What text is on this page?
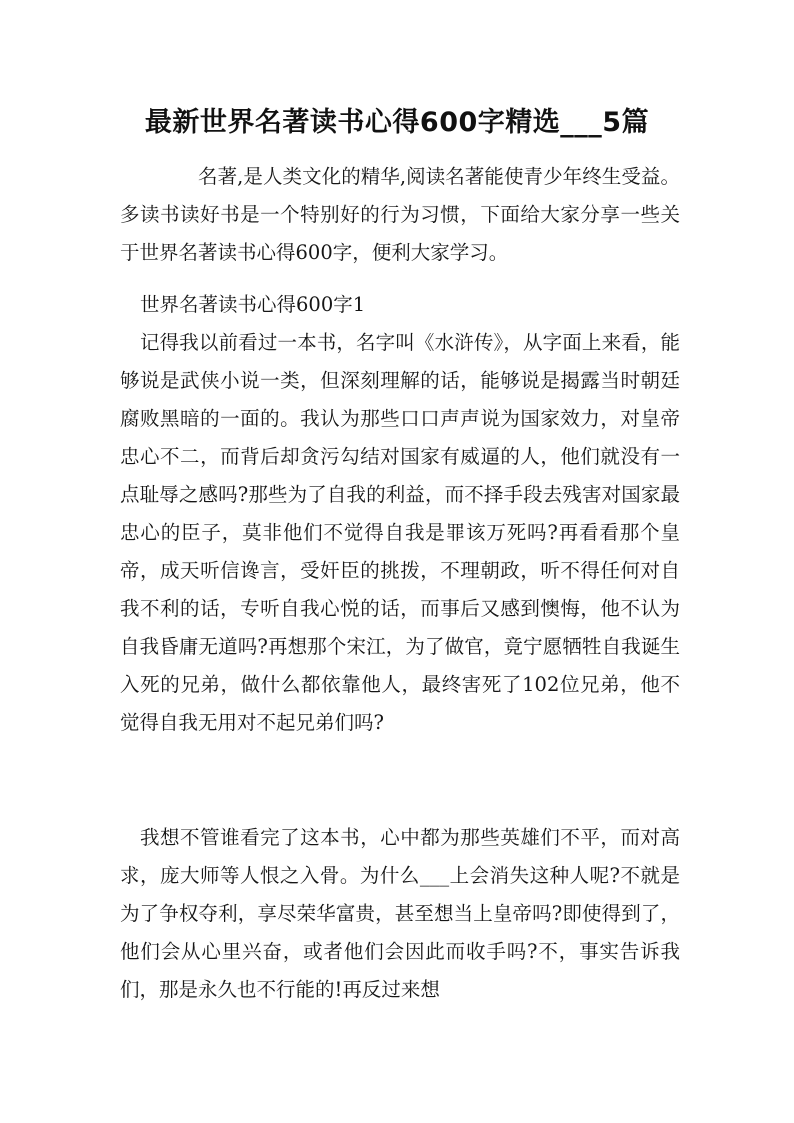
最新世界名著读书心得600字精选___5篇

名著,是人类文化的精华,阅读名著能使青少年终生受益。多读书读好书是一个特别好的行为习惯，下面给大家分享一些关于世界名著读书心得600字，便利大家学习。

世界名著读书心得600字1

记得我以前看过一本书，名字叫《水浒传》，从字面上来看，能够说是武侠小说一类，但深刻理解的话，能够说是揭露当时朝廷腐败黑暗的一面的。我认为那些口口声声说为国家效力，对皇帝忠心不二，而背后却贪污勾结对国家有威逼的人，他们就没有一点耻辱之感吗?那些为了自我的利益，而不择手段去残害对国家最忠心的臣子，莫非他们不觉得自我是罪该万死吗?再看看那个皇帝，成天听信谗言，受奸臣的挑拨，不理朝政，听不得任何对自我不利的话，专听自我心悦的话，而事后又感到懊悔，他不认为自我昏庸无道吗?再想那个宋江，为了做官，竟宁愿牺牲自我诞生入死的兄弟，做什么都依靠他人，最终害死了102位兄弟，他不觉得自我无用对不起兄弟们吗?

我想不管谁看完了这本书，心中都为那些英雄们不平，而对高求，庞大师等人恨之入骨。为什么___上会消失这种人呢?不就是为了争权夺利，享尽荣华富贵，甚至想当上皇帝吗?即使得到了，他们会从心里兴奋，或者他们会因此而收手吗?不，事实告诉我们，那是永久也不行能的!再反过来想
